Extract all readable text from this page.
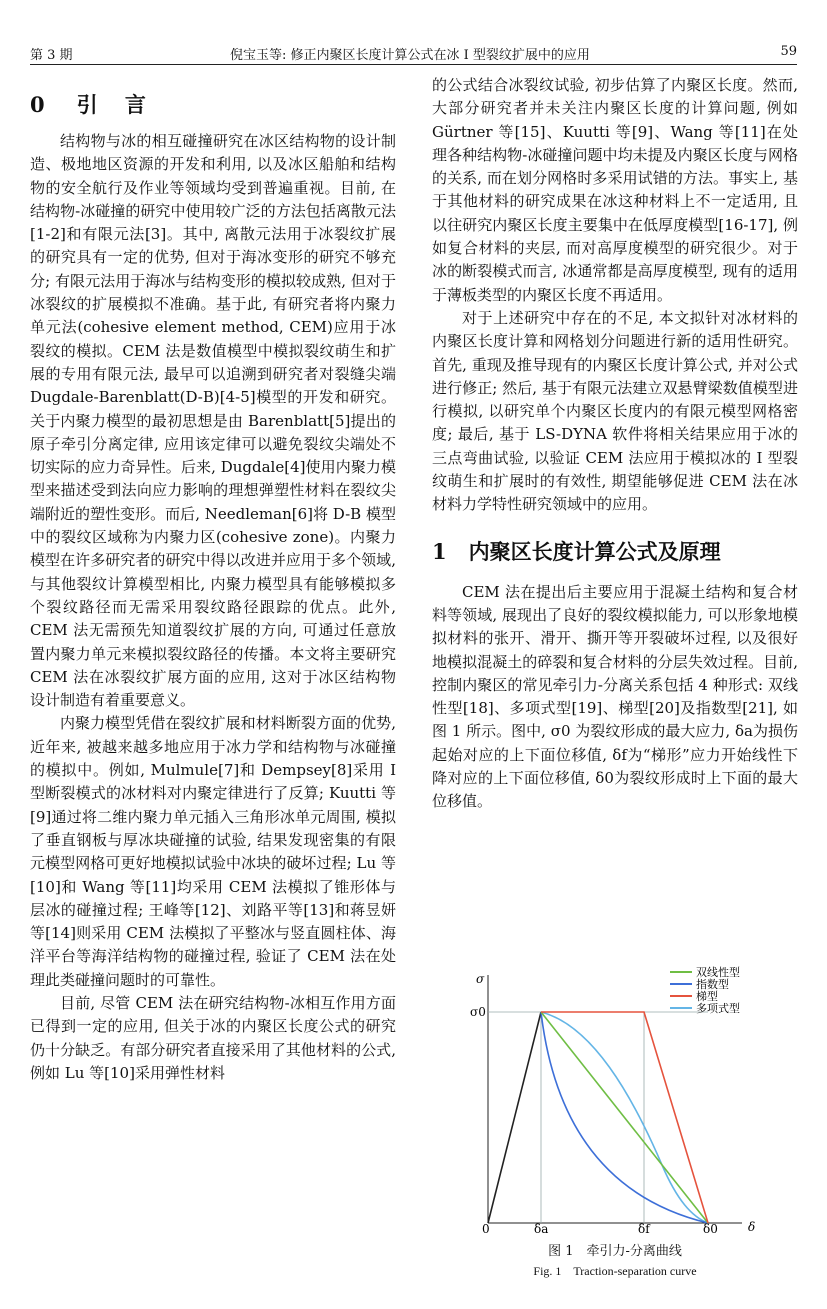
第 3 期	倪宝玉等: 修正内聚区长度计算公式在冰 I 型裂纹扩展中的应用	59
0 引 言

结构物与冰的相互碰撞研究在冰区结构物的设计制造、极地地区资源的开发和利用, 以及冰区船舶和结构物的安全航行及作业等领域均受到普遍重视。目前, 在结构物-冰碰撞的研究中使用较广泛的方法包括离散元法[1-2]和有限元法[3]。其中, 离散元法用于冰裂纹扩展的研究具有一定的优势, 但对于海冰变形的研究不够充分; 有限元法用于海冰与结构变形的模拟较成熟, 但对于冰裂纹的扩展模拟不准确。基于此, 有研究者将内聚力单元法(cohesive element method, CEM)应用于冰裂纹的模拟。CEM 法是数值模型中模拟裂纹萌生和扩展的专用有限元法, 最早可以追溯到研究者对裂缝尖端 Dugdale-Barenblatt(D-B)[4-5]模型的开发和研究。关于内聚力模型的最初思想是由 Barenblatt[5]提出的原子牵引分离定律, 应用该定律可以避免裂纹尖端处不切实际的应力奇异性。后来, Dugdale[4]使用内聚力模型来描述受到法向应力影响的理想弹塑性材料在裂纹尖端附近的塑性变形。而后, Needleman[6]将 D-B 模型中的裂纹区域称为内聚力区(cohesive zone)。内聚力模型在许多研究者的研究中得以改进并应用于多个领域, 与其他裂纹计算模型相比, 内聚力模型具有能够模拟多个裂纹路径而无需采用裂纹路径跟踪的优点。此外, CEM 法无需预先知道裂纹扩展的方向, 可通过任意放置内聚力单元来模拟裂纹路径的传播。本文将主要研究 CEM 法在冰裂纹扩展方面的应用, 这对于冰区结构物设计制造有着重要意义。

内聚力模型凭借在裂纹扩展和材料断裂方面的优势, 近年来, 被越来越多地应用于冰力学和结构物与冰碰撞的模拟中。例如, Mulmule[7]和 Dempsey[8]采用 I 型断裂模式的冰材料对内聚定律进行了反算; Kuutti 等[9]通过将二维内聚力单元插入三角形冰单元周围, 模拟了垂直钢板与厚冰块碰撞的试验, 结果发现密集的有限元模型网格可更好地模拟试验中冰块的破坏过程; Lu 等[10]和 Wang 等[11]均采用 CEM 法模拟了锥形体与层冰的碰撞过程; 王峰等[12]、刘路平等[13]和蒋昱妍等[14]则采用 CEM 法模拟了平整冰与竖直圆柱体、海洋平台等海洋结构物的碰撞过程, 验证了 CEM 法在处理此类碰撞问题时的可靠性。

目前, 尽管 CEM 法在研究结构物-冰相互作用方面已得到一定的应用, 但关于冰的内聚区长度公式的研究仍十分缺乏。有部分研究者直接采用了其他材料的公式, 例如 Lu 等[10]采用弹性材料

的公式结合冰裂纹试验, 初步估算了内聚区长度。然而, 大部分研究者并未关注内聚区长度的计算问题, 例如 Gürtner 等[15]、Kuutti 等[9]、Wang 等[11]在处理各种结构物-冰碰撞问题中均未提及内聚区长度与网格的关系, 而在划分网格时多采用试错的方法。事实上, 基于其他材料的研究成果在冰这种材料上不一定适用, 且以往研究内聚区长度主要集中在低厚度模型[16-17], 例如复合材料的夹层, 而对高厚度模型的研究很少。对于冰的断裂模式而言, 冰通常都是高厚度模型, 现有的适用于薄板类型的内聚区长度不再适用。

对于上述研究中存在的不足, 本文拟针对冰材料的内聚区长度计算和网格划分问题进行新的适用性研究。首先, 重现及推导现有的内聚区长度计算公式, 并对公式进行修正; 然后, 基于有限元法建立双悬臂梁数值模型进行模拟, 以研究单个内聚区长度内的有限元模型网格密度; 最后, 基于 LS-DYNA 软件将相关结果应用于冰的三点弯曲试验, 以验证 CEM 法应用于模拟冰的 I 型裂纹萌生和扩展时的有效性, 期望能够促进 CEM 法在冰材料力学特性研究领域中的应用。

1 内聚区长度计算公式及原理

CEM 法在提出后主要应用于混凝土结构和复合材料等领域, 展现出了良好的裂纹模拟能力, 可以形象地模拟材料的张开、滑开、撕开等开裂破坏过程, 以及很好地模拟混凝土的碎裂和复合材料的分层失效过程。目前, 控制内聚区的常见牵引力-分离关系包括 4 种形式: 双线性型[18]、多项式型[19]、梯型[20]及指数型[21], 如图 1 所示。图中, σ0 为裂纹形成的最大应力, δa为损伤起始对应的上下面位移值, δf为“梯形”应力开始线性下降对应的上下面位移值, δ0为裂纹形成时上下面的最大位移值。

σ
σ0
0	δ
δa	δf	δ0
双线性型
指数型
梯型
多项式型
图 1　牵引力-分离曲线
Fig. 1　Traction-separation curve
